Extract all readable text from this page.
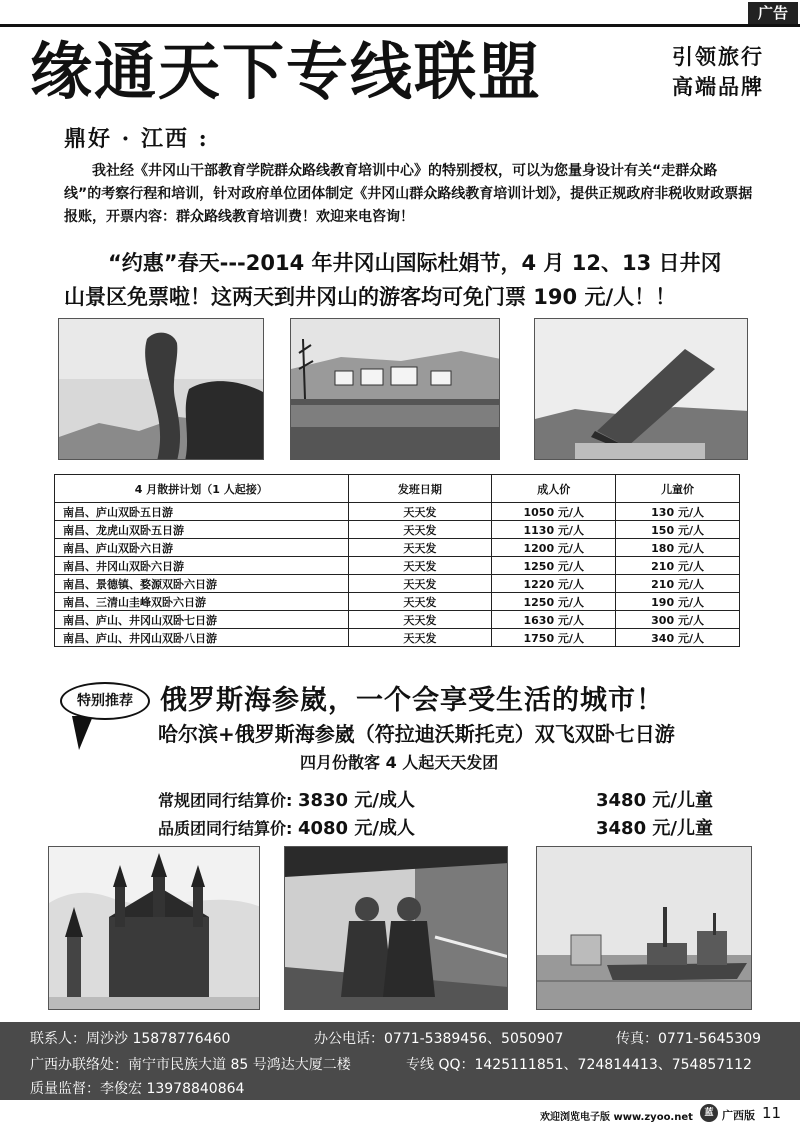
广告
缘通天下专线联盟	引领旅行
高端品牌
鼎好 · 江西 :
我社经《井冈山干部教育学院群众路线教育培训中心》的特别授权，可以为您量身设计有关“走群众路线”的考察行程和培训，针对政府单位团体制定《井冈山群众路线教育培训计划》，提供正规政府非税收财政票据报账，开票内容：群众路线教育培训费！欢迎来电咨询！
“约惠”春天---2014 年井冈山国际杜娟节，4 月 12、13 日井冈
山景区免票啦！这两天到井冈山的游客均可免门票 190 元/人！！
4 月散拼计划（1 人起接）	发班日期	成人价	儿童价
南昌、庐山双卧五日游	天天发	1050 元/人	130 元/人
南昌、龙虎山双卧五日游	天天发	1130 元/人	150 元/人
南昌、庐山双卧六日游	天天发	1200 元/人	180 元/人
南昌、井冈山双卧六日游	天天发	1250 元/人	210 元/人
南昌、景德镇、婺源双卧六日游	天天发	1220 元/人	210 元/人
南昌、三清山圭峰双卧六日游	天天发	1250 元/人	190 元/人
南昌、庐山、井冈山双卧七日游	天天发	1630 元/人	300 元/人
南昌、庐山、井冈山双卧八日游	天天发	1750 元/人	340 元/人
特别推荐	俄罗斯海参崴，一个会享受生活的城市！
哈尔滨+俄罗斯海参崴（符拉迪沃斯托克）双飞双卧七日游
四月份散客 4 人起天天发团
常规团同行结算价: 3830 元/成人	3480 元/儿童
品质团同行结算价: 4080 元/成人	3480 元/儿童
联系人：周沙沙 15878776460	办公电话：0771-5389456、5050907	传真：0771-5645309
广西办联络处：南宁市民族大道 85 号鸿达大厦二楼	专线 QQ：1425111851、724814413、754857112
质量监督：李俊宏 13978840864
欢迎浏览电子版 www.zyoo.net	蓝 广西版 11
